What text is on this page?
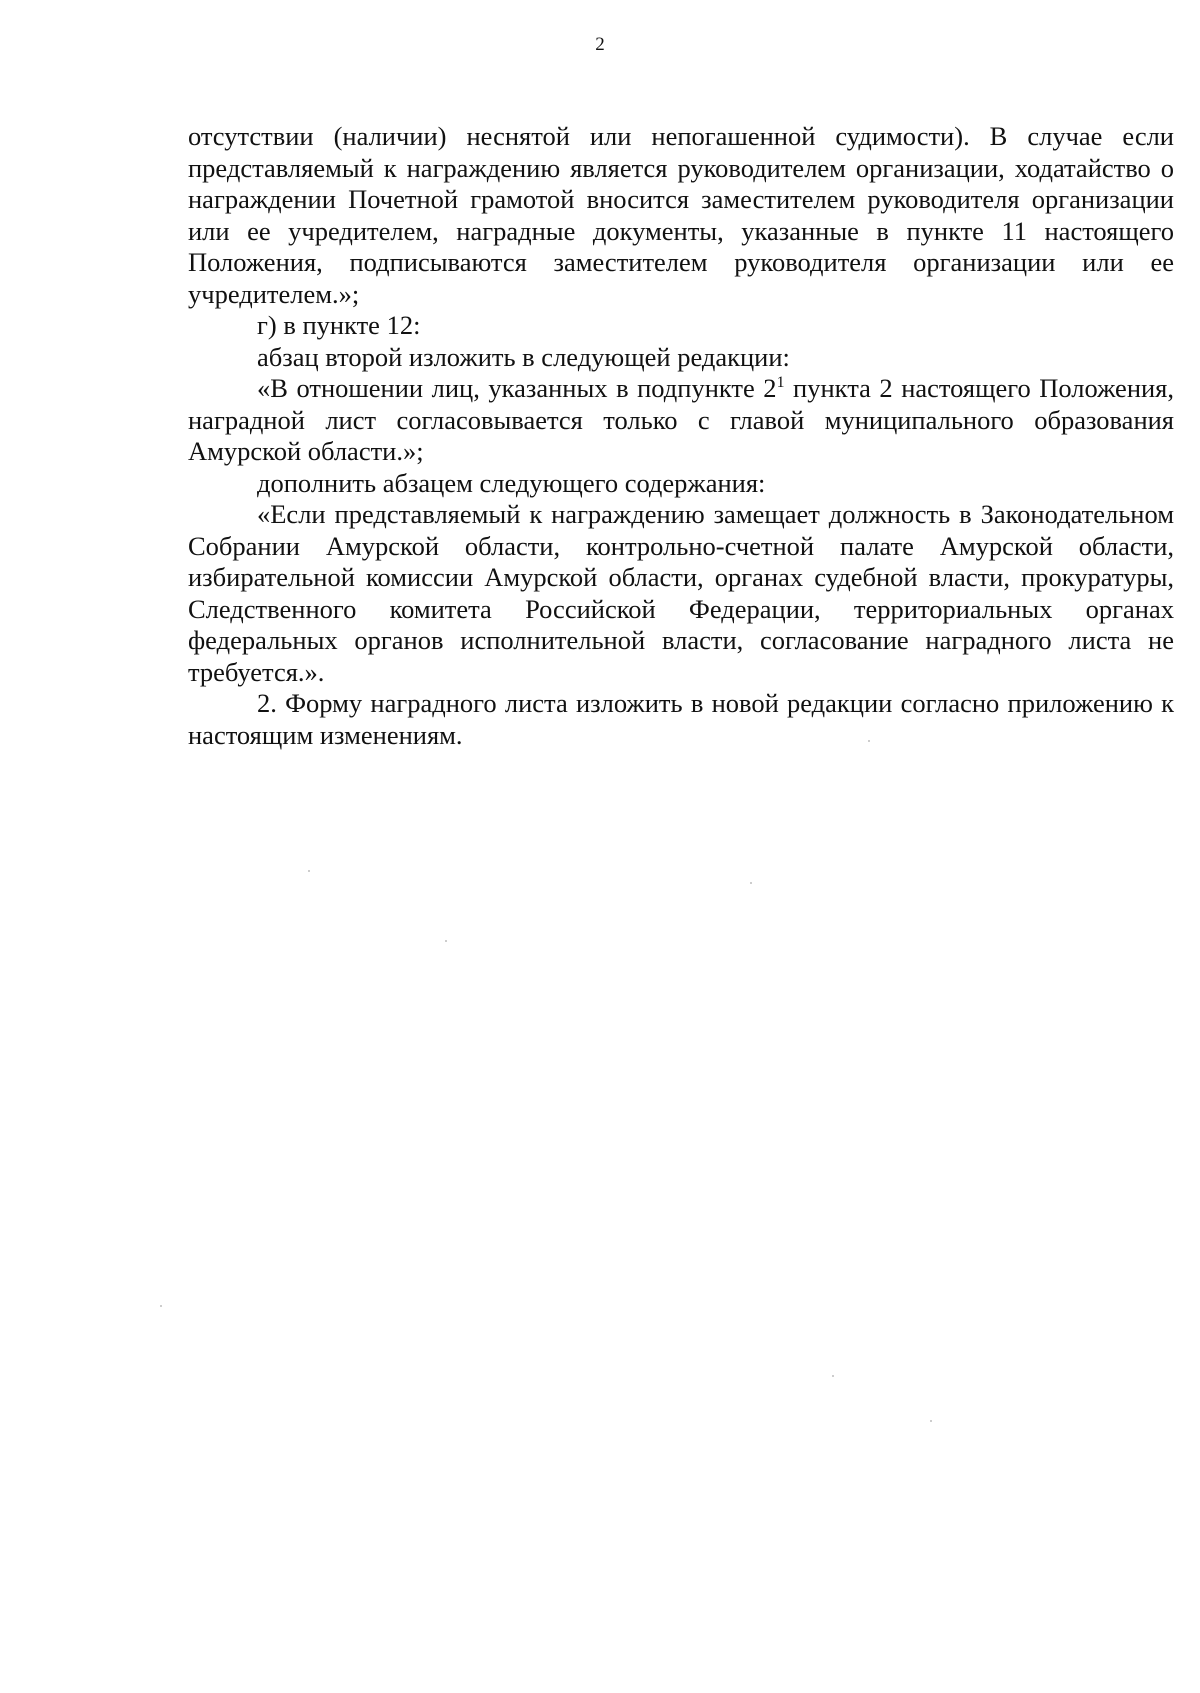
2

отсутствии (наличии) неснятой или непогашенной судимости). В случае если представляемый к награждению является руководителем организации, ходатайство о награждении Почетной грамотой вносится заместителем руководителя организации или ее учредителем, наградные документы, указанные в пункте 11 настоящего Положения, подписываются заместителем руководителя организации или ее учредителем.»;

г) в пункте 12:

абзац второй изложить в следующей редакции:

«В отношении лиц, указанных в подпункте $2^1$ пункта 2 настоящего Положения, наградной лист согласовывается только с главой муниципального образования Амурской области.»;

дополнить абзацем следующего содержания:

«Если представляемый к награждению замещает должность в Законодательном Собрании Амурской области, контрольно-счетной палате Амурской области, избирательной комиссии Амурской области, органах судебной власти, прокуратуры, Следственного комитета Российской Федерации, территориальных органах федеральных органов исполнительной власти, согласование наградного листа не требуется.».

2. Форму наградного листа изложить в новой редакции согласно приложению к настоящим изменениям.
